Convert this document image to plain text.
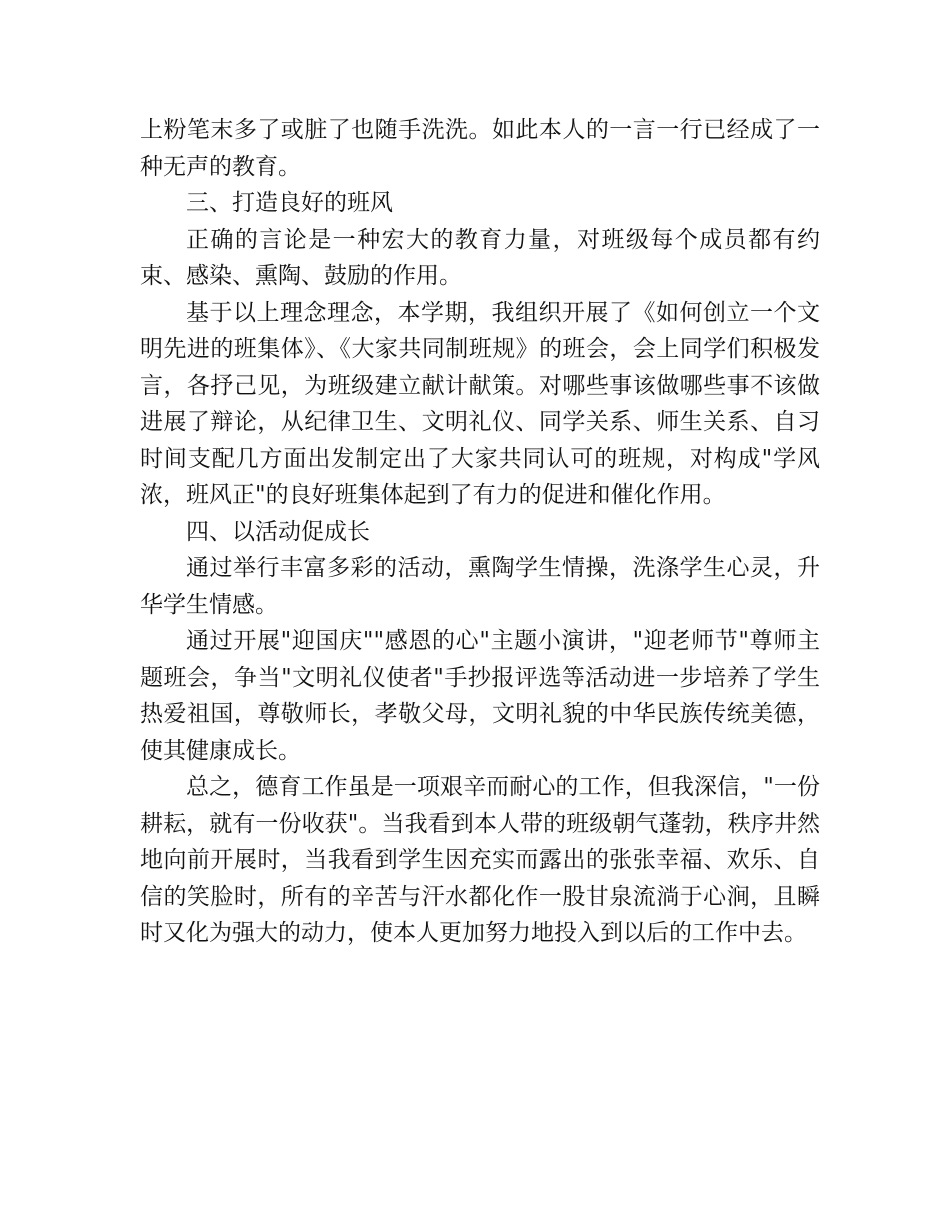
上粉笔末多了或脏了也随手洗洗。如此本人的一言一行已经成了一种无声的教育。

三、打造良好的班风

正确的言论是一种宏大的教育力量，对班级每个成员都有约束、感染、熏陶、鼓励的作用。

基于以上理念理念，本学期，我组织开展了《如何创立一个文明先进的班集体》、《大家共同制班规》的班会，会上同学们积极发言，各抒己见，为班级建立献计献策。对哪些事该做哪些事不该做进展了辩论，从纪律卫生、文明礼仪、同学关系、师生关系、自习时间支配几方面出发制定出了大家共同认可的班规，对构成"学风浓，班风正"的良好班集体起到了有力的促进和催化作用。

四、以活动促成长

通过举行丰富多彩的活动，熏陶学生情操，洗涤学生心灵，升华学生情感。

通过开展"迎国庆""感恩的心"主题小演讲，"迎老师节"尊师主题班会，争当"文明礼仪使者"手抄报评选等活动进一步培养了学生热爱祖国，尊敬师长，孝敬父母，文明礼貌的中华民族传统美德，使其健康成长。

总之，德育工作虽是一项艰辛而耐心的工作，但我深信，"一份耕耘，就有一份收获"。当我看到本人带的班级朝气蓬勃，秩序井然地向前开展时，当我看到学生因充实而露出的张张幸福、欢乐、自信的笑脸时，所有的辛苦与汗水都化作一股甘泉流淌于心涧，且瞬时又化为强大的动力，使本人更加努力地投入到以后的工作中去。
